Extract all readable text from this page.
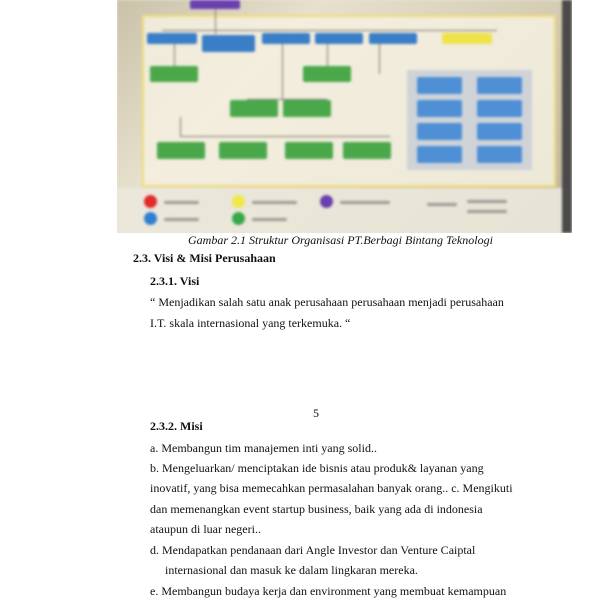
Gambar 2.1 Struktur Organisasi PT.Berbagi Bintang Teknologi
2.3. Visi & Misi Perusahaan
2.3.1. Visi
“ Menjadikan salah satu anak perusahaan perusahaan menjadi perusahaan
I.T. skala internasional yang terkemuka. “
5
2.3.2. Misi
a. Membangun tim manajemen inti yang solid..
b. Mengeluarkan/ menciptakan ide bisnis atau produk& layanan yang
inovatif, yang bisa memecahkan permasalahan banyak orang.. c. Mengikuti
dan memenangkan event startup business, baik yang ada di indonesia
ataupun di luar negeri..
d. Mendapatkan pendanaan dari Angle Investor dan Venture Caiptal
internasional dan masuk ke dalam lingkaran mereka.
e. Membangun budaya kerja dan environment yang membuat kemampuan
